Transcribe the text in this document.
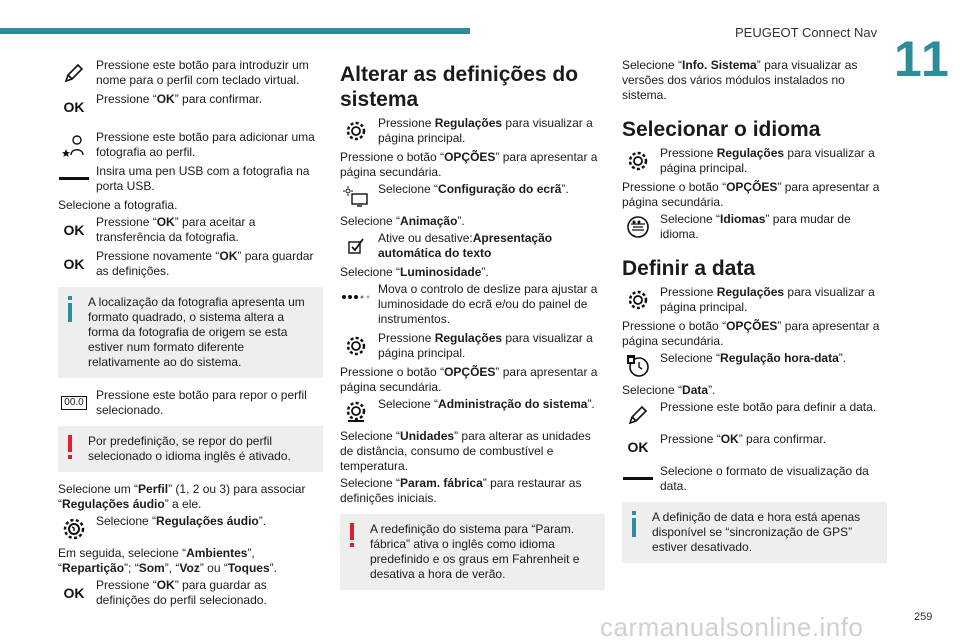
PEUGEOT Connect Nav 11
Pressione este botão para introduzir um nome para o perfil com teclado virtual.
OK Pressione “OK” para confirmar.
Pressione este botão para adicionar uma fotografia ao perfil.
Insira uma pen USB com a fotografia na porta USB.
Selecione a fotografia.
OK Pressione “OK” para aceitar a transferência da fotografia.
OK Pressione novamente “OK” para guardar as definições.
A localização da fotografia apresenta um formato quadrado, o sistema altera a forma da fotografia de origem se esta estiver num formato diferente relativamente ao do sistema.
00.0
Pressione este botão para repor o perfil selecionado.
Por predefinição, se repor do perfil selecionado o idioma inglês é ativado.
Selecione um “Perfil” (1, 2 ou 3) para associar “Regulações áudio” a ele.
Selecione “Regulações áudio”.
Em seguida, selecione “Ambientes”, “Repartição”; “Som”, “Voz” ou “Toques”.
OK Pressione “OK” para guardar as definições do perfil selecionado.
Alterar as definições do sistema
Pressione Regulações para visualizar a página principal.
Pressione o botão “OPÇÕES” para apresentar a página secundária.
Selecione “Configuração do ecrã”.
Selecione “Animação”.
Ative ou desative:Apresentação automática do texto
Selecione “Luminosidade”.
Mova o controlo de deslize para ajustar a luminosidade do ecrã e/ou do painel de instrumentos.
Pressione Regulações para visualizar a página principal.
Pressione o botão “OPÇÕES” para apresentar a página secundária.
Selecione “Administração do sistema”.
Selecione “Unidades” para alterar as unidades de distância, consumo de combustível e temperatura.
Selecione “Param. fábrica” para restaurar as definições iniciais.
A redefinição do sistema para “Param. fábrica” ativa o inglês como idioma predefinido e os graus em Fahrenheit e desativa a hora de verão.
Selecione “Info. Sistema” para visualizar as versões dos vários módulos instalados no sistema.
Selecionar o idioma
Pressione Regulações para visualizar a página principal.
Pressione o botão “OPÇÕES” para apresentar a página secundária.
Selecione “Idiomas” para mudar de idioma.
Definir a data
Pressione Regulações para visualizar a página principal.
Pressione o botão “OPÇÕES” para apresentar a página secundária.
Selecione “Regulação hora-data”.
Selecione “Data”.
Pressione este botão para definir a data.
OK Pressione “OK” para confirmar.
Selecione o formato de visualização da data.
A definição de data e hora está apenas disponível se “sincronização de GPS” estiver desativado.
carmanualsonline.info	259
